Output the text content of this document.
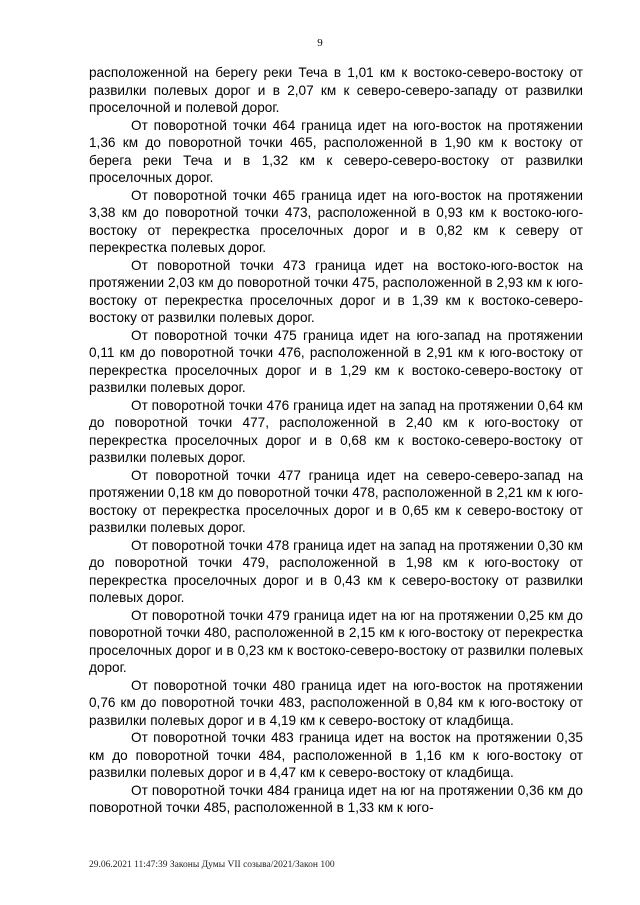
9

расположенной на берегу реки Теча в 1,01 км к востоко-северо-востоку от развилки полевых дорог и в 2,07 км к северо-северо-западу от развилки проселочной и полевой дорог.

От поворотной точки 464 граница идет на юго-восток на протяжении 1,36 км до поворотной точки 465, расположенной в 1,90 км к востоку от берега реки Теча и в 1,32 км к северо-северо-востоку от развилки проселочных дорог.

От поворотной точки 465 граница идет на юго-восток на протяжении 3,38 км до поворотной точки 473, расположенной в 0,93 км к востоко-юго-востоку от перекрестка проселочных дорог и в 0,82 км к северу от перекрестка полевых дорог.

От поворотной точки 473 граница идет на востоко-юго-восток на протяжении 2,03 км до поворотной точки 475, расположенной в 2,93 км к юго-востоку от перекрестка проселочных дорог и в 1,39 км к востоко-северо-востоку от развилки полевых дорог.

От поворотной точки 475 граница идет на юго-запад на протяжении 0,11 км до поворотной точки 476, расположенной в 2,91 км к юго-востоку от перекрестка проселочных дорог и в 1,29 км к востоко-северо-востоку от развилки полевых дорог.

От поворотной точки 476 граница идет на запад на протяжении 0,64 км до поворотной точки 477, расположенной в 2,40 км к юго-востоку от перекрестка проселочных дорог и в 0,68 км к востоко-северо-востоку от развилки полевых дорог.

От поворотной точки 477 граница идет на северо-северо-запад на протяжении 0,18 км до поворотной точки 478, расположенной в 2,21 км к юго-востоку от перекрестка проселочных дорог и в 0,65 км к северо-востоку от развилки полевых дорог.

От поворотной точки 478 граница идет на запад на протяжении 0,30 км до поворотной точки 479, расположенной в 1,98 км к юго-востоку от перекрестка проселочных дорог и в 0,43 км к северо-востоку от развилки полевых дорог.

От поворотной точки 479 граница идет на юг на протяжении 0,25 км до поворотной точки 480, расположенной в 2,15 км к юго-востоку от перекрестка проселочных дорог и в 0,23 км к востоко-северо-востоку от развилки полевых дорог.

От поворотной точки 480 граница идет на юго-восток на протяжении 0,76 км до поворотной точки 483, расположенной в 0,84 км к юго-востоку от развилки полевых дорог и в 4,19 км к северо-востоку от кладбища.

От поворотной точки 483 граница идет на восток на протяжении 0,35 км до поворотной точки 484, расположенной в 1,16 км к юго-востоку от развилки полевых дорог и в 4,47 км к северо-востоку от кладбища.

От поворотной точки 484 граница идет на юг на протяжении 0,36 км до поворотной точки 485, расположенной в 1,33 км к юго-

29.06.2021 11:47:39 Законы Думы VII созыва/2021/Закон 100
